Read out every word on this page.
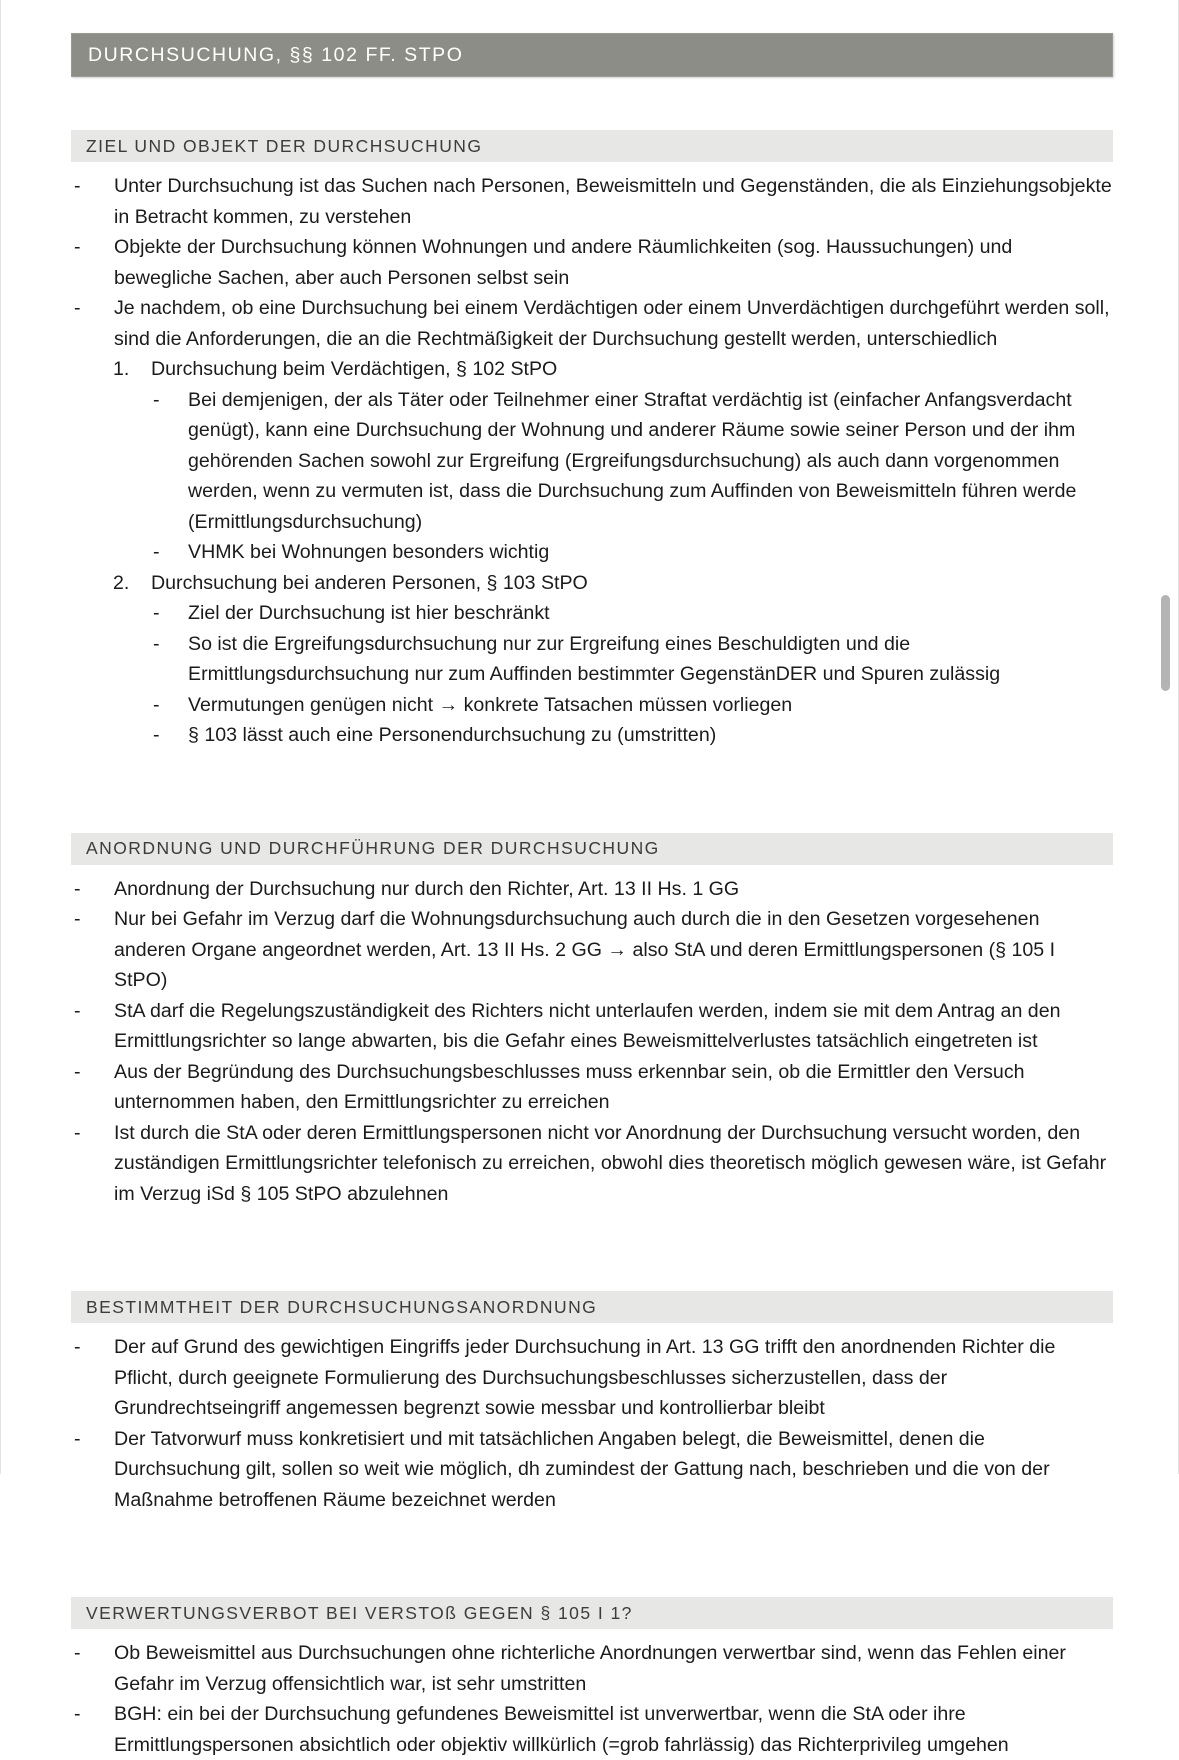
DURCHSUCHUNG, §§ 102 FF. STPO
ZIEL UND OBJEKT DER DURCHSUCHUNG
-	Unter Durchsuchung ist das Suchen nach Personen, Beweismitteln und Gegenständen, die als Einziehungsobjekte in Betracht kommen, zu verstehen
-	Objekte der Durchsuchung können Wohnungen und andere Räumlichkeiten (sog. Haussuchungen) und bewegliche Sachen, aber auch Personen selbst sein
-	Je nachdem, ob eine Durchsuchung bei einem Verdächtigen oder einem Unverdächtigen durchgeführt werden soll, sind die Anforderungen, die an die Rechtmäßigkeit der Durchsuchung gestellt werden, unterschiedlich
1.	Durchsuchung beim Verdächtigen, § 102 StPO
-	Bei demjenigen, der als Täter oder Teilnehmer einer Straftat verdächtig ist (einfacher Anfangsverdacht genügt), kann eine Durchsuchung der Wohnung und anderer Räume sowie seiner Person und der ihm gehörenden Sachen sowohl zur Ergreifung (Ergreifungsdurchsuchung) als auch dann vorgenommen werden, wenn zu vermuten ist, dass die Durchsuchung zum Auffinden von Beweismitteln führen werde (Ermittlungsdurchsuchung)
-	VHMK bei Wohnungen besonders wichtig
2.	Durchsuchung bei anderen Personen, § 103 StPO
-	Ziel der Durchsuchung ist hier beschränkt
-	So ist die Ergreifungsdurchsuchung nur zur Ergreifung eines Beschuldigten und die Ermittlungsdurchsuchung nur zum Auffinden bestimmter GegenstänDER und Spuren zulässig
-	Vermutungen genügen nicht → konkrete Tatsachen müssen vorliegen
-	§ 103 lässt auch eine Personendurchsuchung zu (umstritten)
ANORDNUNG UND DURCHFÜHRUNG DER DURCHSUCHUNG
-	Anordnung der Durchsuchung nur durch den Richter, Art. 13 II Hs. 1 GG
-	Nur bei Gefahr im Verzug darf die Wohnungsdurchsuchung auch durch die in den Gesetzen vorgesehenen anderen Organe angeordnet werden, Art. 13 II Hs. 2 GG → also StA und deren Ermittlungspersonen (§ 105 I StPO)
-	StA darf die Regelungszuständigkeit des Richters nicht unterlaufen werden, indem sie mit dem Antrag an den Ermittlungsrichter so lange abwarten, bis die Gefahr eines Beweismittelverlustes tatsächlich eingetreten ist
-	Aus der Begründung des Durchsuchungsbeschlusses muss erkennbar sein, ob die Ermittler den Versuch unternommen haben, den Ermittlungsrichter zu erreichen
-	Ist durch die StA oder deren Ermittlungspersonen nicht vor Anordnung der Durchsuchung versucht worden, den zuständigen Ermittlungsrichter telefonisch zu erreichen, obwohl dies theoretisch möglich gewesen wäre, ist Gefahr im Verzug iSd § 105 StPO abzulehnen
BESTIMMTHEIT DER DURCHSUCHUNGSANORDNUNG
-	Der auf Grund des gewichtigen Eingriffs jeder Durchsuchung in Art. 13 GG trifft den anordnenden Richter die Pflicht, durch geeignete Formulierung des Durchsuchungsbeschlusses sicherzustellen, dass der Grundrechtseingriff angemessen begrenzt sowie messbar und kontrollierbar bleibt
-	Der Tatvorwurf muss konkretisiert und mit tatsächlichen Angaben belegt, die Beweismittel, denen die Durchsuchung gilt, sollen so weit wie möglich, dh zumindest der Gattung nach, beschrieben und die von der Maßnahme betroffenen Räume bezeichnet werden
VERWERTUNGSVERBOT BEI VERSTOß GEGEN § 105 I 1?
-	Ob Beweismittel aus Durchsuchungen ohne richterliche Anordnungen verwertbar sind, wenn das Fehlen einer Gefahr im Verzug offensichtlich war, ist sehr umstritten
-	BGH: ein bei der Durchsuchung gefundenes Beweismittel ist unverwertbar, wenn die StA oder ihre Ermittlungspersonen absichtlich oder objektiv willkürlich (=grob fahrlässig) das Richterprivileg umgehen
